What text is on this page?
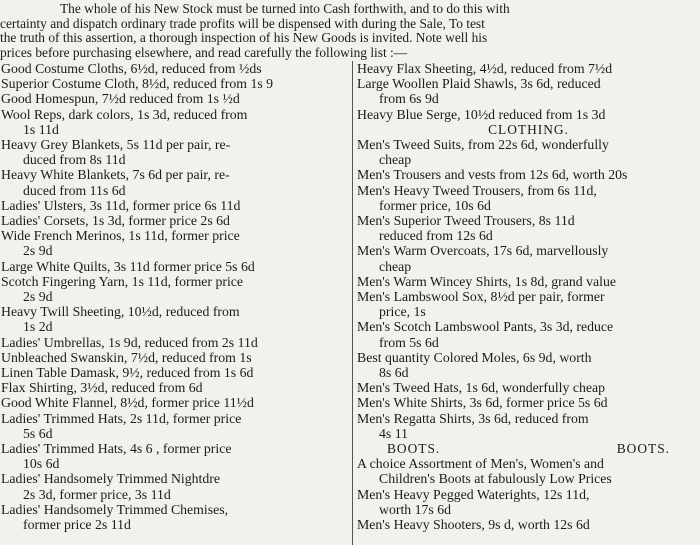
The whole of his New Stock must be turned into Cash forthwith, and to do this with
certainty and dispatch ordinary trade profits will be dispensed with during the Sale, To test
the truth of this assertion, a thorough inspection of his New Goods is invited. Note well his
prices before purchasing elsewhere, and read carefully the following list :—
Good Costume Cloths, 6½d, reduced from ½ds
Superior Costume Cloth, 8½d, reduced from 1s 9
Good Homespun, 7½d reduced from 1s ½d
Wool Reps, dark colors, 1s 3d, reduced from
1s 11d
Heavy Grey Blankets, 5s 11d per pair, re-
duced from 8s 11d
Heavy White Blankets, 7s 6d per pair, re-
duced from 11s 6d
Ladies' Ulsters, 3s 11d, former price 6s 11d
Ladies' Corsets, 1s 3d, former price 2s 6d
Wide French Merinos, 1s 11d, former price
2s 9d
Large White Quilts, 3s 11d former price 5s 6d
Scotch Fingering Yarn, 1s 11d, former price
2s 9d
Heavy Twill Sheeting, 10½d, reduced from
1s 2d
Ladies' Umbrellas, 1s 9d, reduced from 2s 11d
Unbleached Swanskin, 7½d, reduced from 1s
Linen Table Damask, 9½, reduced from 1s 6d
Flax Shirting, 3½d, reduced from 6d
Good White Flannel, 8½d, former price 11½d
Ladies' Trimmed Hats, 2s 11d, former price
5s 6d
Ladies' Trimmed Hats, 4s 6 , former price
10s 6d
Ladies' Handsomely Trimmed Nightdre
2s 3d, former price, 3s 11d
Ladies' Handsomely Trimmed Chemises,
former price 2s 11d
Heavy Flax Sheeting, 4½d, reduced from 7½d
Large Woollen Plaid Shawls, 3s 6d, reduced
from 6s 9d
Heavy Blue Serge, 10½d reduced from 1s 3d
CLOTHING.
Men's Tweed Suits, from 22s 6d, wonderfully
cheap
Men's Trousers and vests from 12s 6d, worth 20s
Men's Heavy Tweed Trousers, from 6s 11d,
former price, 10s 6d
Men's Superior Tweed Trousers, 8s 11d
reduced from 12s 6d
Men's Warm Overcoats, 17s 6d, marvellously
cheap
Men's Warm Wincey Shirts, 1s 8d, grand value
Men's Lambswool Sox, 8½d per pair, former
price, 1s
Men's Scotch Lambswool Pants, 3s 3d, reduce
from 5s 6d
Best quantity Colored Moles, 6s 9d, worth
8s 6d
Men's Tweed Hats, 1s 6d, wonderfully cheap
Men's White Shirts, 3s 6d, former price 5s 6d
Men's Regatta Shirts, 3s 6d, reduced from
4s 11
BOOTS.	BOOTS.
A choice Assortment of Men's, Women's and
Children's Boots at fabulously Low Prices
Men's Heavy Pegged Waterights, 12s 11d,
worth 17s 6d
Men's Heavy Shooters, 9s d, worth 12s 6d
